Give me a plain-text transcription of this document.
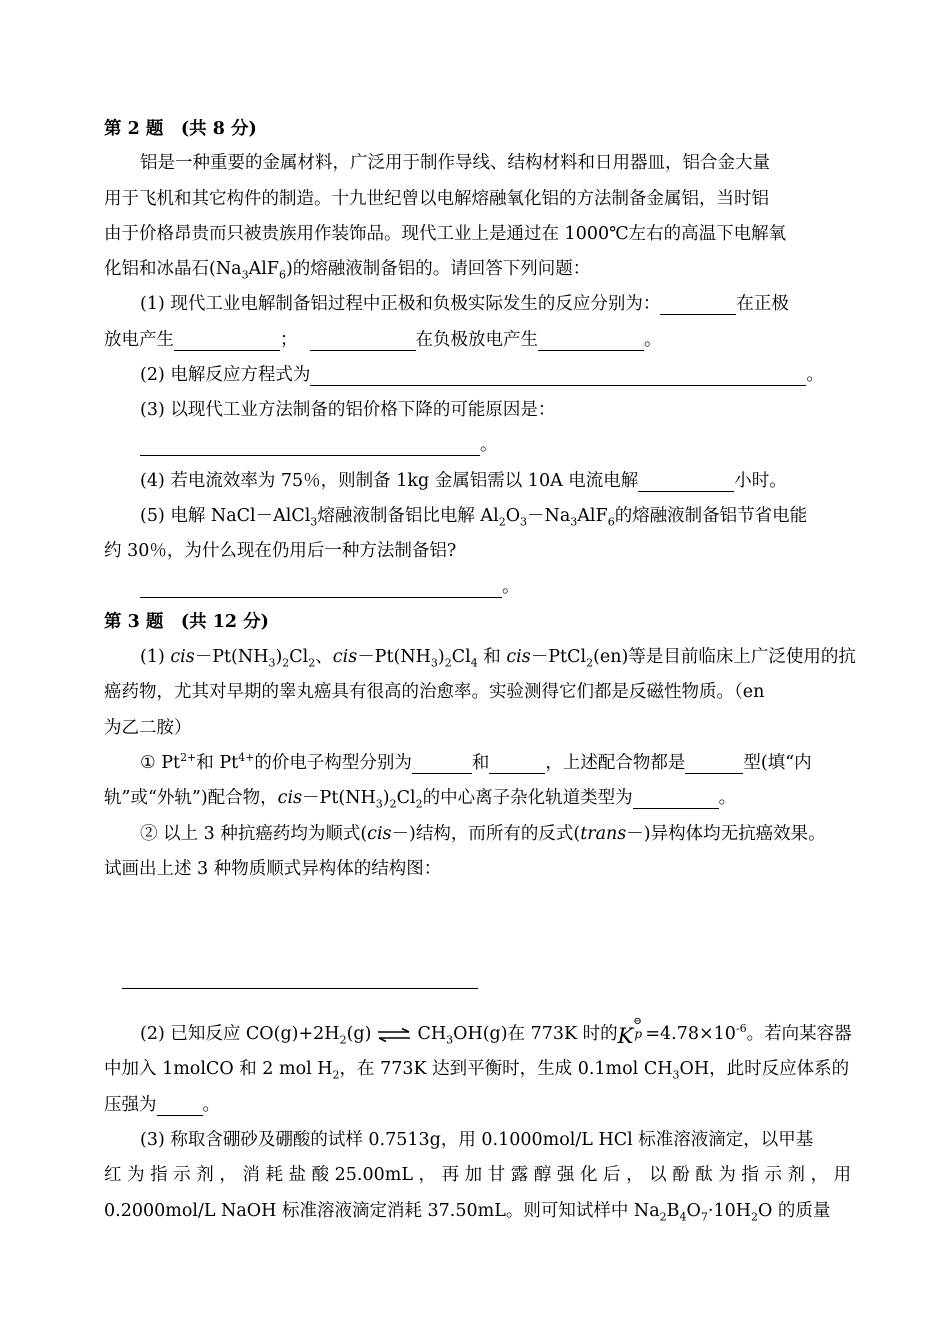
第 2 题　(共 8 分)
铝是一种重要的金属材料，广泛用于制作导线、结构材料和日用器皿，铝合金大量
用于飞机和其它构件的制造。十九世纪曾以电解熔融氧化铝的方法制备金属铝，当时铝
由于价格昂贵而只被贵族用作装饰品。现代工业上是通过在 1000℃左右的高温下电解氧
化铝和冰晶石$(Na_3AlF_6)$的熔融液制备铝的。请回答下列问题：
(1) 现代工业电解制备铝过程中正极和负极实际发生的反应分别为：	在正极
放电产生	；	在负极放电产生	。
(2) 电解反应方程式为	。
(3) 以现代工业方法制备的铝价格下降的可能原因是：
。
(4) 若电流效率为 75％，则制备 1kg 金属铝需以 10A 电流电解	小时。
(5) 电解 NaCl－AlCl$_3$熔融液制备铝比电解 $Al_2O_3-Na_3AlF_6$的熔融液制备铝节省电能
约 30％，为什么现在仍用后一种方法制备铝?
。
第 3 题　(共 12 分)
(1) $cis-Pt(NH_3)_2Cl_2$、$cis-Pt(NH_3)_2Cl_4$ 和 cis－PtCl$_2$(en)等是目前临床上广泛使用的抗
癌药物，尤其对早期的睾丸癌具有很高的治愈率。实验测得它们都是反磁性物质。（en
为乙二胺）
① $Pt^{2+}$和 $Pt^{4+}$的价电子构型分别为	和	，上述配合物都是	型(填“内
轨”或“外轨”)配合物，$cis-Pt(NH_3)_2Cl_2$的中心离子杂化轨道类型为	。
② 以上 3 种抗癌药均为顺式(cis－)结构，而所有的反式(trans－)异构体均无抗癌效果。
试画出上述 3 种物质顺式异构体的结构图：
(2) 已知反应 $CO(g)+2H_2(g)$ ⇌ $CH_3OH(g)$在 773K 时的K
⊖
$p =4.78\times 10^{-6}$。若向某容器
中加入 1molCO 和 2 mol $H_2$，在 773K 达到平衡时，生成 0.1mol $CH_3OH$，此时反应体系的
压强为	。
(3) 称取含硼砂及硼酸的试样 0.7513g，用 0.1000mol/L HCl 标准溶液滴定，以甲基
红 为 指 示 剂 ， 消 耗 盐 酸 25.00mL ， 再 加 甘 露 醇 强 化 后 ， 以 酚 酞 为 指 示 剂 ， 用
0.2000mol/L NaOH 标准溶液滴定消耗 37.50mL。则可知试样中 $Na_2B_4O_7\cdot 10H_2O$ 的质量
